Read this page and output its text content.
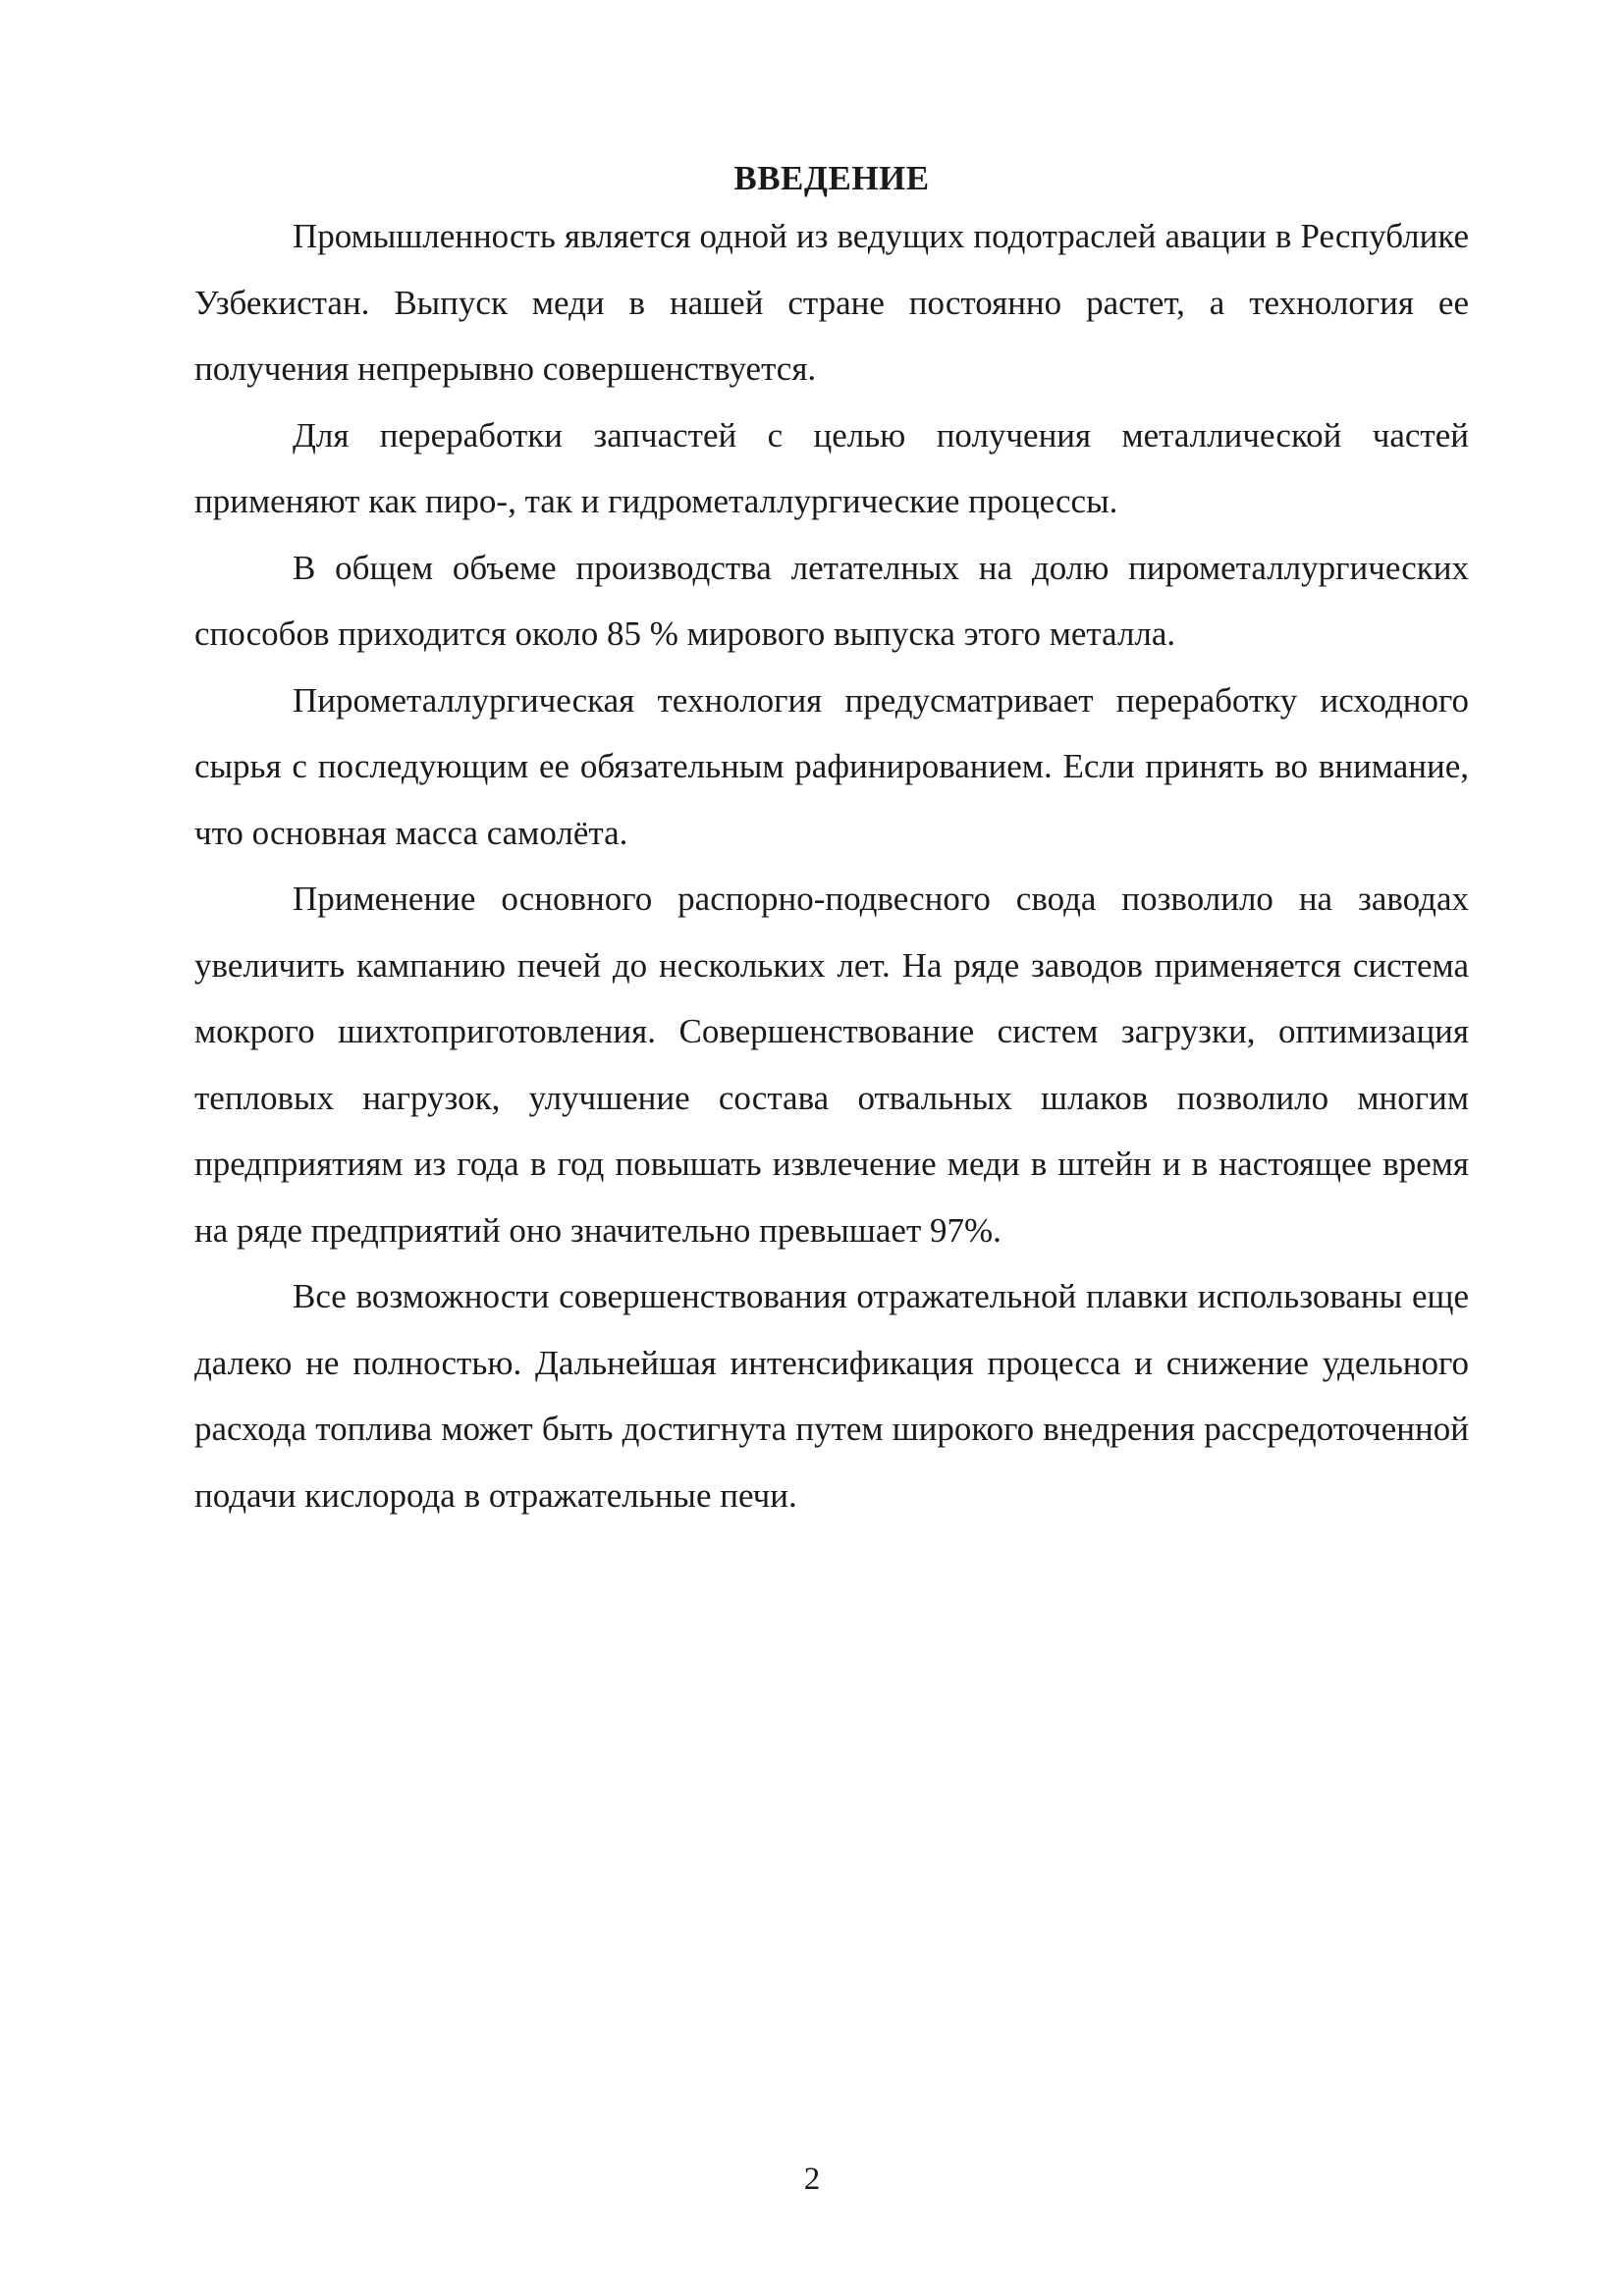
ВВЕДЕНИЕ

Промышленность является одной из ведущих подотраслей авации в Республике Узбекистан. Выпуск меди в нашей стране постоянно растет, а технология ее получения непрерывно совершенствуется.

Для переработки запчастей с целью получения металлической частей применяют как пиро-, так и гидрометаллургические процессы.

В общем объеме производства летателных на долю пирометаллургических способов приходится около 85 % мирового выпуска этого металла.

Пирометаллургическая технология предусматривает переработку исходного сырья с последующим ее обязательным рафинированием. Если принять во внимание, что основная масса самолёта.

Применение основного распорно-подвесного свода позволило на заводах увеличить кампанию печей до нескольких лет. На ряде заводов применяется система мокрого шихтоприготовления. Совершенствование систем загрузки, оптимизация тепловых нагрузок, улучшение состава отвальных шлаков позволило многим предприятиям из года в год повышать извлечение меди в штейн и в настоящее время на ряде предприятий оно значительно превышает 97%.

Все возможности совершенствования отражательной плавки использованы еще далеко не полностью. Дальнейшая интенсификация процесса и снижение удельного расхода топлива может быть достигнута путем широкого внедрения рассредоточенной подачи кислорода в отражательные печи.

2
